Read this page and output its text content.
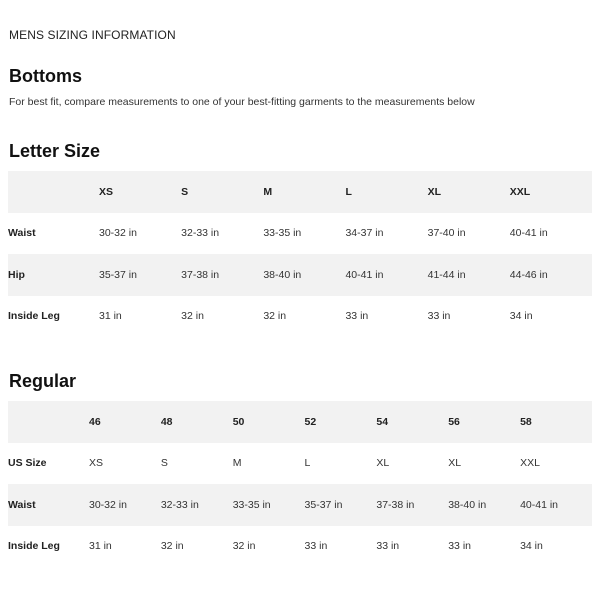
MENS SIZING INFORMATION
Bottoms
For best fit, compare measurements to one of your best-fitting garments to the measurements below
Letter Size
	XS	S	M	L	XL	XXL
Waist	30-32 in	32-33 in	33-35 in	34-37 in	37-40 in	40-41 in
Hip	35-37 in	37-38 in	38-40 in	40-41 in	41-44 in	44-46 in
Inside Leg	31 in	32 in	32 in	33 in	33 in	34 in
Regular
	46	48	50	52	54	56	58
US Size	XS	S	M	L	XL	XL	XXL
Waist	30-32 in	32-33 in	33-35 in	35-37 in	37-38 in	38-40 in	40-41 in
Inside Leg	31 in	32 in	32 in	33 in	33 in	33 in	34 in
